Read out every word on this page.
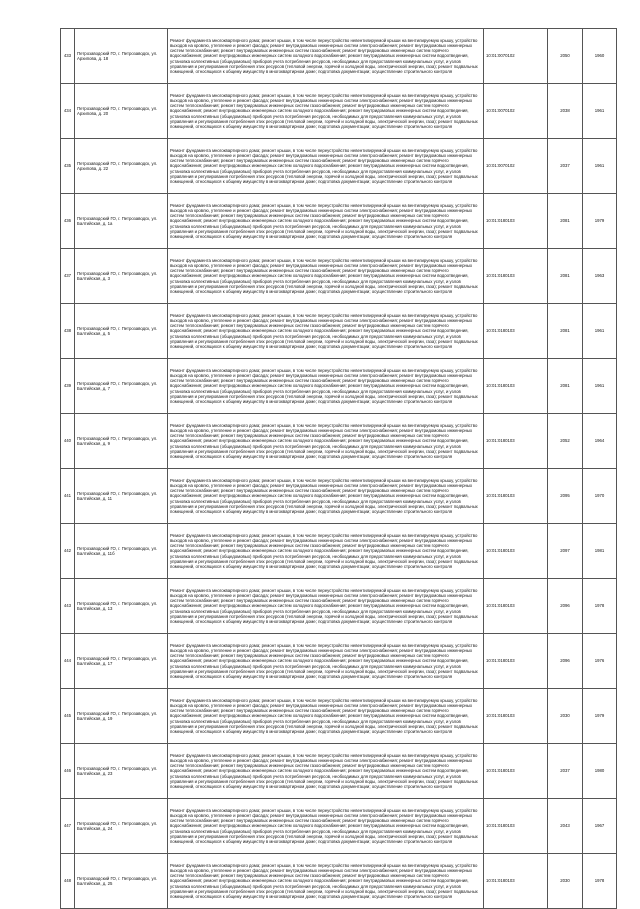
433	Петрозаводский ГО, г. Петрозаводск, ул. Архипова, д. 18	Ремонт фундамента многоквартирного дома; ремонт крыши, в том числе переустройство невентилируемой крыши на вентилируемую крышу, устройство выходов на кровлю, утепление и ремонт фасада; ремонт внутридомовых инженерных систем электроснабжения; ремонт внутридомовых инженерных систем теплоснабжения; ремонт внутридомовых инженерных систем газоснабжения; ремонт внутридомовых инженерных систем горячего водоснабжения; ремонт внутридомовых инженерных систем холодного водоснабжения; ремонт внутридомовых инженерных систем водоотведения, установка коллективных (общедомовых) приборов учета потребления ресурсов, необходимых для предоставления коммунальных услуг, и узлов управления и регулирования потребления этих ресурсов (тепловой энергии, горячей и холодной воды, электрической энергии, газа); ремонт подвальных помещений, относящихся к общему имуществу в многоквартирном доме; подготовка документации; осуществление строительного контроля	10:01:0070102	2050	1960
434	Петрозаводский ГО, г. Петрозаводск, ул. Архипова, д. 20	Ремонт фундамента многоквартирного дома; ремонт крыши, в том числе переустройство невентилируемой крыши на вентилируемую крышу, устройство выходов на кровлю, утепление и ремонт фасада; ремонт внутридомовых инженерных систем электроснабжения; ремонт внутридомовых инженерных систем теплоснабжения; ремонт внутридомовых инженерных систем газоснабжения; ремонт внутридомовых инженерных систем горячего водоснабжения; ремонт внутридомовых инженерных систем холодного водоснабжения; ремонт внутридомовых инженерных систем водоотведения, установка коллективных (общедомовых) приборов учета потребления ресурсов, необходимых для предоставления коммунальных услуг, и узлов управления и регулирования потребления этих ресурсов (тепловой энергии, горячей и холодной воды, электрической энергии, газа); ремонт подвальных помещений, относящихся к общему имуществу в многоквартирном доме; подготовка документации; осуществление строительного контроля	10:01:0070102	2038	1961
435	Петрозаводский ГО, г. Петрозаводск, ул. Архипова, д. 22	Ремонт фундамента многоквартирного дома; ремонт крыши, в том числе переустройство невентилируемой крыши на вентилируемую крышу, устройство выходов на кровлю, утепление и ремонт фасада; ремонт внутридомовых инженерных систем электроснабжения; ремонт внутридомовых инженерных систем теплоснабжения; ремонт внутридомовых инженерных систем газоснабжения; ремонт внутридомовых инженерных систем горячего водоснабжения; ремонт внутридомовых инженерных систем холодного водоснабжения; ремонт внутридомовых инженерных систем водоотведения, установка коллективных (общедомовых) приборов учета потребления ресурсов, необходимых для предоставления коммунальных услуг, и узлов управления и регулирования потребления этих ресурсов (тепловой энергии, горячей и холодной воды, электрической энергии, газа); ремонт подвальных помещений, относящихся к общему имуществу в многоквартирном доме; подготовка документации; осуществление строительного контроля	10:01:0070102	2037	1961
436	Петрозаводский ГО, г. Петрозаводск, ул. Балтийская, д. 1а	Ремонт фундамента многоквартирного дома; ремонт крыши, в том числе переустройство невентилируемой крыши на вентилируемую крышу, устройство выходов на кровлю, утепление и ремонт фасада; ремонт внутридомовых инженерных систем электроснабжения; ремонт внутридомовых инженерных систем теплоснабжения; ремонт внутридомовых инженерных систем газоснабжения; ремонт внутридомовых инженерных систем горячего водоснабжения; ремонт внутридомовых инженерных систем холодного водоснабжения; ремонт внутридомовых инженерных систем водоотведения, установка коллективных (общедомовых) приборов учета потребления ресурсов, необходимых для предоставления коммунальных услуг, и узлов управления и регулирования потребления этих ресурсов (тепловой энергии, горячей и холодной воды, электрической энергии, газа); ремонт подвальных помещений, относящихся к общему имуществу в многоквартирном доме; подготовка документации; осуществление строительного контроля	10:01:0180103	2081	1979
437	Петрозаводский ГО, г. Петрозаводск, ул. Балтийская, д. 3	Ремонт фундамента многоквартирного дома; ремонт крыши, в том числе переустройство невентилируемой крыши на вентилируемую крышу, устройство выходов на кровлю, утепление и ремонт фасада; ремонт внутридомовых инженерных систем электроснабжения; ремонт внутридомовых инженерных систем теплоснабжения; ремонт внутридомовых инженерных систем газоснабжения; ремонт внутридомовых инженерных систем горячего водоснабжения; ремонт внутридомовых инженерных систем холодного водоснабжения; ремонт внутридомовых инженерных систем водоотведения, установка коллективных (общедомовых) приборов учета потребления ресурсов, необходимых для предоставления коммунальных услуг, и узлов управления и регулирования потребления этих ресурсов (тепловой энергии, горячей и холодной воды, электрической энергии, газа); ремонт подвальных помещений, относящихся к общему имуществу в многоквартирном доме; подготовка документации; осуществление строительного контроля	10:01:0180103	2081	1963
438	Петрозаводский ГО, г. Петрозаводск, ул. Балтийская, д. 5	Ремонт фундамента многоквартирного дома; ремонт крыши, в том числе переустройство невентилируемой крыши на вентилируемую крышу, устройство выходов на кровлю, утепление и ремонт фасада; ремонт внутридомовых инженерных систем электроснабжения; ремонт внутридомовых инженерных систем теплоснабжения; ремонт внутридомовых инженерных систем газоснабжения; ремонт внутридомовых инженерных систем горячего водоснабжения; ремонт внутридомовых инженерных систем холодного водоснабжения; ремонт внутридомовых инженерных систем водоотведения, установка коллективных (общедомовых) приборов учета потребления ресурсов, необходимых для предоставления коммунальных услуг, и узлов управления и регулирования потребления этих ресурсов (тепловой энергии, горячей и холодной воды, электрической энергии, газа); ремонт подвальных помещений, относящихся к общему имуществу в многоквартирном доме; подготовка документации; осуществление строительного контроля	10:01:0180103	2081	1961
439	Петрозаводский ГО, г. Петрозаводск, ул. Балтийская, д. 7	Ремонт фундамента многоквартирного дома; ремонт крыши, в том числе переустройство невентилируемой крыши на вентилируемую крышу, устройство выходов на кровлю, утепление и ремонт фасада; ремонт внутридомовых инженерных систем электроснабжения; ремонт внутридомовых инженерных систем теплоснабжения; ремонт внутридомовых инженерных систем газоснабжения; ремонт внутридомовых инженерных систем горячего водоснабжения; ремонт внутридомовых инженерных систем холодного водоснабжения; ремонт внутридомовых инженерных систем водоотведения, установка коллективных (общедомовых) приборов учета потребления ресурсов, необходимых для предоставления коммунальных услуг, и узлов управления и регулирования потребления этих ресурсов (тепловой энергии, горячей и холодной воды, электрической энергии, газа); ремонт подвальных помещений, относящихся к общему имуществу в многоквартирном доме; подготовка документации; осуществление строительного контроля	10:01:0180103	2081	1961
440	Петрозаводский ГО, г. Петрозаводск, ул. Балтийская, д. 9	Ремонт фундамента многоквартирного дома; ремонт крыши, в том числе переустройство невентилируемой крыши на вентилируемую крышу, устройство выходов на кровлю, утепление и ремонт фасада; ремонт внутридомовых инженерных систем электроснабжения; ремонт внутридомовых инженерных систем теплоснабжения; ремонт внутридомовых инженерных систем газоснабжения; ремонт внутридомовых инженерных систем горячего водоснабжения; ремонт внутридомовых инженерных систем холодного водоснабжения; ремонт внутридомовых инженерных систем водоотведения, установка коллективных (общедомовых) приборов учета потребления ресурсов, необходимых для предоставления коммунальных услуг, и узлов управления и регулирования потребления этих ресурсов (тепловой энергии, горячей и холодной воды, электрической энергии, газа); ремонт подвальных помещений, относящихся к общему имуществу в многоквартирном доме; подготовка документации; осуществление строительного контроля	10:01:0180103	2052	1964
441	Петрозаводский ГО, г. Петрозаводск, ул. Балтийская, д. 11	Ремонт фундамента многоквартирного дома; ремонт крыши, в том числе переустройство невентилируемой крыши на вентилируемую крышу, устройство выходов на кровлю, утепление и ремонт фасада; ремонт внутридомовых инженерных систем электроснабжения; ремонт внутридомовых инженерных систем теплоснабжения; ремонт внутридомовых инженерных систем газоснабжения; ремонт внутридомовых инженерных систем горячего водоснабжения; ремонт внутридомовых инженерных систем холодного водоснабжения; ремонт внутридомовых инженерных систем водоотведения, установка коллективных (общедомовых) приборов учета потребления ресурсов, необходимых для предоставления коммунальных услуг, и узлов управления и регулирования потребления этих ресурсов (тепловой энергии, горячей и холодной воды, электрической энергии, газа); ремонт подвальных помещений, относящихся к общему имуществу в многоквартирном доме; подготовка документации; осуществление строительного контроля	10:01:0180103	2095	1970
442	Петрозаводский ГО, г. Петрозаводск, ул. Балтийская, д. 11б	Ремонт фундамента многоквартирного дома; ремонт крыши, в том числе переустройство невентилируемой крыши на вентилируемую крышу, устройство выходов на кровлю, утепление и ремонт фасада; ремонт внутридомовых инженерных систем электроснабжения; ремонт внутридомовых инженерных систем теплоснабжения; ремонт внутридомовых инженерных систем газоснабжения; ремонт внутридомовых инженерных систем горячего водоснабжения; ремонт внутридомовых инженерных систем холодного водоснабжения; ремонт внутридомовых инженерных систем водоотведения, установка коллективных (общедомовых) приборов учета потребления ресурсов, необходимых для предоставления коммунальных услуг, и узлов управления и регулирования потребления этих ресурсов (тепловой энергии, горячей и холодной воды, электрической энергии, газа); ремонт подвальных помещений, относящихся к общему имуществу в многоквартирном доме; подготовка документации; осуществление строительного контроля	10:01:0180103	2097	1981
443	Петрозаводский ГО, г. Петрозаводск, ул. Балтийская, д. 13	Ремонт фундамента многоквартирного дома; ремонт крыши, в том числе переустройство невентилируемой крыши на вентилируемую крышу, устройство выходов на кровлю, утепление и ремонт фасада; ремонт внутридомовых инженерных систем электроснабжения; ремонт внутридомовых инженерных систем теплоснабжения; ремонт внутридомовых инженерных систем газоснабжения; ремонт внутридомовых инженерных систем горячего водоснабжения; ремонт внутридомовых инженерных систем холодного водоснабжения; ремонт внутридомовых инженерных систем водоотведения, установка коллективных (общедомовых) приборов учета потребления ресурсов, необходимых для предоставления коммунальных услуг, и узлов управления и регулирования потребления этих ресурсов (тепловой энергии, горячей и холодной воды, электрической энергии, газа); ремонт подвальных помещений, относящихся к общему имуществу в многоквартирном доме; подготовка документации; осуществление строительного контроля	10:01:0180103	2096	1978
444	Петрозаводский ГО, г. Петрозаводск, ул. Балтийская, д. 17	Ремонт фундамента многоквартирного дома; ремонт крыши, в том числе переустройство невентилируемой крыши на вентилируемую крышу, устройство выходов на кровлю, утепление и ремонт фасада; ремонт внутридомовых инженерных систем электроснабжения; ремонт внутридомовых инженерных систем теплоснабжения; ремонт внутридомовых инженерных систем газоснабжения; ремонт внутридомовых инженерных систем горячего водоснабжения; ремонт внутридомовых инженерных систем холодного водоснабжения; ремонт внутридомовых инженерных систем водоотведения, установка коллективных (общедомовых) приборов учета потребления ресурсов, необходимых для предоставления коммунальных услуг, и узлов управления и регулирования потребления этих ресурсов (тепловой энергии, горячей и холодной воды, электрической энергии, газа); ремонт подвальных помещений, относящихся к общему имуществу в многоквартирном доме; подготовка документации; осуществление строительного контроля	10:01:0180103	2096	1976
445	Петрозаводский ГО, г. Петрозаводск, ул. Балтийская, д. 19	Ремонт фундамента многоквартирного дома; ремонт крыши, в том числе переустройство невентилируемой крыши на вентилируемую крышу, устройство выходов на кровлю, утепление и ремонт фасада; ремонт внутридомовых инженерных систем электроснабжения; ремонт внутридомовых инженерных систем теплоснабжения; ремонт внутридомовых инженерных систем газоснабжения; ремонт внутридомовых инженерных систем горячего водоснабжения; ремонт внутридомовых инженерных систем холодного водоснабжения; ремонт внутридомовых инженерных систем водоотведения, установка коллективных (общедомовых) приборов учета потребления ресурсов, необходимых для предоставления коммунальных услуг, и узлов управления и регулирования потребления этих ресурсов (тепловой энергии, горячей и холодной воды, электрической энергии, газа); ремонт подвальных помещений, относящихся к общему имуществу в многоквартирном доме; подготовка документации; осуществление строительного контроля	10:01:0180103	2030	1979
446	Петрозаводский ГО, г. Петрозаводск, ул. Балтийская, д. 23	Ремонт фундамента многоквартирного дома; ремонт крыши, в том числе переустройство невентилируемой крыши на вентилируемую крышу, устройство выходов на кровлю, утепление и ремонт фасада; ремонт внутридомовых инженерных систем электроснабжения; ремонт внутридомовых инженерных систем теплоснабжения; ремонт внутридомовых инженерных систем газоснабжения; ремонт внутридомовых инженерных систем горячего водоснабжения; ремонт внутридомовых инженерных систем холодного водоснабжения; ремонт внутридомовых инженерных систем водоотведения, установка коллективных (общедомовых) приборов учета потребления ресурсов, необходимых для предоставления коммунальных услуг, и узлов управления и регулирования потребления этих ресурсов (тепловой энергии, горячей и холодной воды, электрической энергии, газа); ремонт подвальных помещений, относящихся к общему имуществу в многоквартирном доме; подготовка документации; осуществление строительного контроля	10:01:0180103	2037	1980
447	Петрозаводский ГО, г. Петрозаводск, ул. Балтийская, д. 24	Ремонт фундамента многоквартирного дома; ремонт крыши, в том числе переустройство невентилируемой крыши на вентилируемую крышу, устройство выходов на кровлю, утепление и ремонт фасада; ремонт внутридомовых инженерных систем электроснабжения; ремонт внутридомовых инженерных систем теплоснабжения; ремонт внутридомовых инженерных систем газоснабжения; ремонт внутридомовых инженерных систем горячего водоснабжения; ремонт внутридомовых инженерных систем холодного водоснабжения; ремонт внутридомовых инженерных систем водоотведения, установка коллективных (общедомовых) приборов учета потребления ресурсов, необходимых для предоставления коммунальных услуг, и узлов управления и регулирования потребления этих ресурсов (тепловой энергии, горячей и холодной воды, электрической энергии, газа); ремонт подвальных помещений, относящихся к общему имуществу в многоквартирном доме; подготовка документации; осуществление строительного контроля	10:01:0180103	2043	1967
448	Петрозаводский ГО, г. Петрозаводск, ул. Балтийская, д. 25	Ремонт фундамента многоквартирного дома; ремонт крыши, в том числе переустройство невентилируемой крыши на вентилируемую крышу, устройство выходов на кровлю, утепление и ремонт фасада; ремонт внутридомовых инженерных систем электроснабжения; ремонт внутридомовых инженерных систем теплоснабжения; ремонт внутридомовых инженерных систем газоснабжения; ремонт внутридомовых инженерных систем горячего водоснабжения; ремонт внутридомовых инженерных систем холодного водоснабжения; ремонт внутридомовых инженерных систем водоотведения, установка коллективных (общедомовых) приборов учета потребления ресурсов, необходимых для предоставления коммунальных услуг, и узлов управления и регулирования потребления этих ресурсов (тепловой энергии, горячей и холодной воды, электрической энергии, газа); ремонт подвальных помещений, относящихся к общему имуществу в многоквартирном доме; подготовка документации; осуществление строительного контроля	10:01:0180103	2030	1978
